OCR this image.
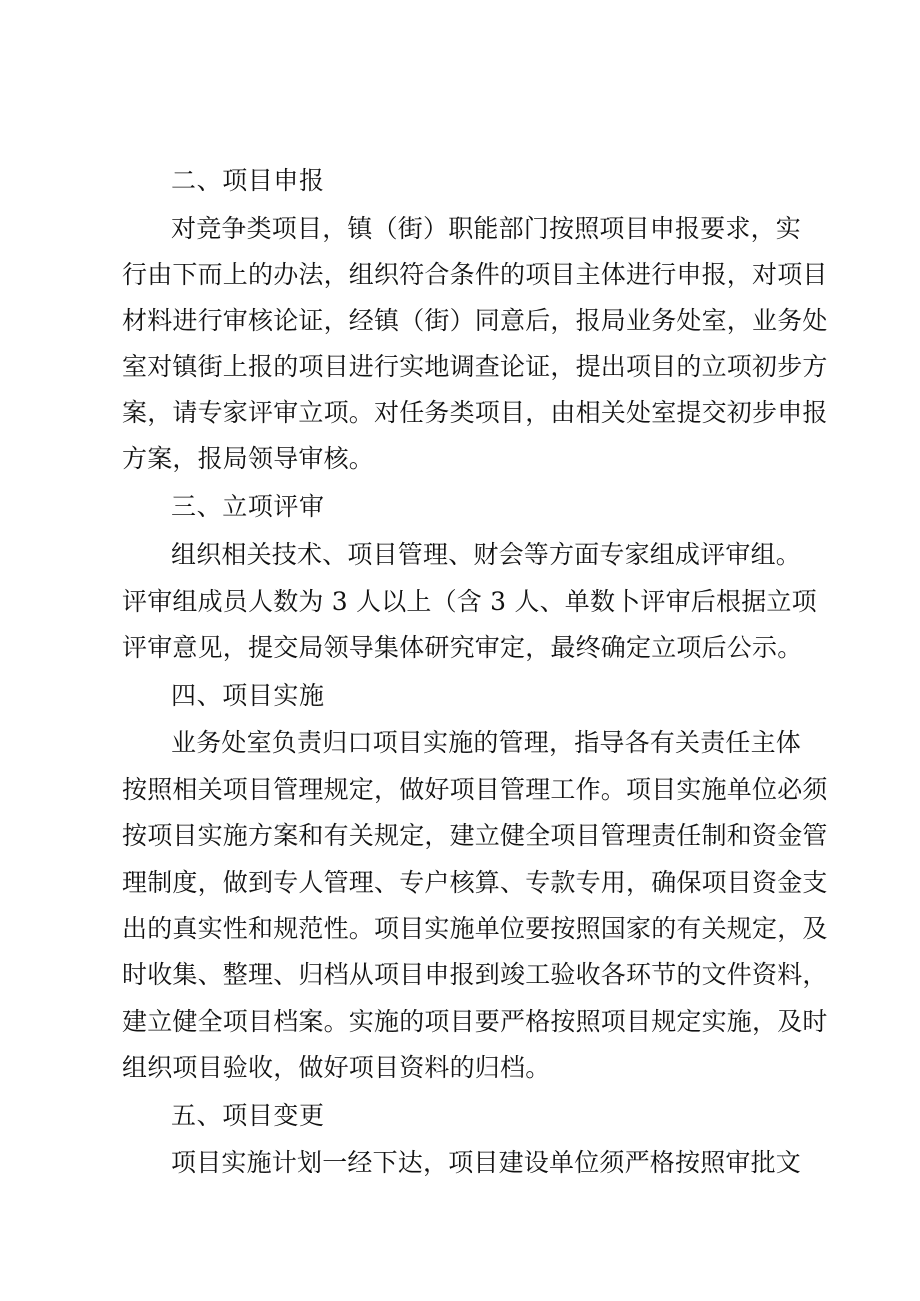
二、项目申报
对竞争类项目，镇（街）职能部门按照项目申报要求，实
行由下而上的办法，组织符合条件的项目主体进行申报，对项目
材料进行审核论证，经镇（街）同意后，报局业务处室，业务处
室对镇街上报的项目进行实地调查论证，提出项目的立项初步方
案，请专家评审立项。对任务类项目，由相关处室提交初步申报
方案，报局领导审核。
三、立项评审
组织相关技术、项目管理、财会等方面专家组成评审组。
评审组成员人数为 3 人以上（含 3 人、单数卜评审后根据立项
评审意见，提交局领导集体研究审定，最终确定立项后公示。
四、项目实施
业务处室负责归口项目实施的管理，指导各有关责任主体
按照相关项目管理规定，做好项目管理工作。项目实施单位必须
按项目实施方案和有关规定，建立健全项目管理责任制和资金管
理制度，做到专人管理、专户核算、专款专用，确保项目资金支
出的真实性和规范性。项目实施单位要按照国家的有关规定，及
时收集、整理、归档从项目申报到竣工验收各环节的文件资料，
建立健全项目档案。实施的项目要严格按照项目规定实施，及时
组织项目验收，做好项目资料的归档。
五、项目变更
项目实施计划一经下达，项目建设单位须严格按照审批文
